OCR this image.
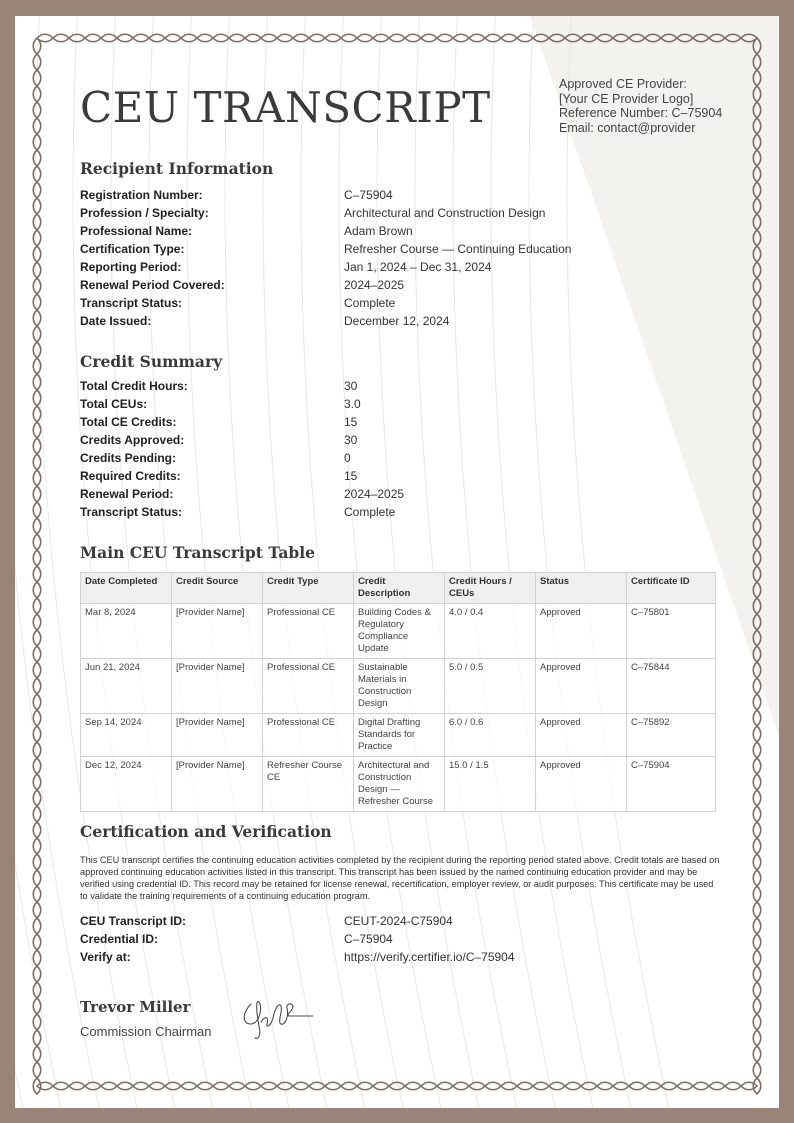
CEU TRANSCRIPT	Approved CE Provider:
[Your CE Provider Logo]
Reference Number: C–75904
Email: contact@provider
Recipient Information
Registration Number:	C–75904
Profession / Specialty:	Architectural and Construction Design
Professional Name:	Adam Brown
Certification Type:	Refresher Course — Continuing Education
Reporting Period:	Jan 1, 2024 – Dec 31, 2024
Renewal Period Covered:	2024–2025
Transcript Status:	Complete
Date Issued:	December 12, 2024
Credit Summary
Total Credit Hours:	30
Total CEUs:	3.0
Total CE Credits:	15
Credits Approved:	30
Credits Pending:	0
Required Credits:	15
Renewal Period:	2024–2025
Transcript Status:	Complete
Main CEU Transcript Table
Date Completed	Credit Source	Credit Type	Credit Description	Credit Hours / CEUs	Status	Certificate ID
Mar 8, 2024	[Provider Name]	Professional CE	Building Codes & Regulatory Compliance Update	4.0 / 0.4	Approved	C–75801
Jun 21, 2024	[Provider Name]	Professional CE	Sustainable Materials in Construction Design	5.0 / 0.5	Approved	C–75844
Sep 14, 2024	[Provider Name]	Professional CE	Digital Drafting Standards for Practice	6.0 / 0.6	Approved	C–75892
Dec 12, 2024	[Provider Name]	Refresher Course CE	Architectural and Construction Design — Refresher Course	15.0 / 1.5	Approved	C–75904
Certification and Verification
This CEU transcript certifies the continuing education activities completed by the recipient during the reporting period stated above. Credit totals are based on approved continuing education activities listed in this transcript. This transcript has been issued by the named continuing education provider and may be verified using credential ID. This record may be retained for license renewal, recertification, employer review, or audit purposes. This certificate may be used to validate the training requirements of a continuing education program.
CEU Transcript ID:	CEUT-2024-C75904
Credential ID:	C–75904
Verify at:	https://verify.certifier.io/C–75904
Trevor Miller
Commission Chairman
